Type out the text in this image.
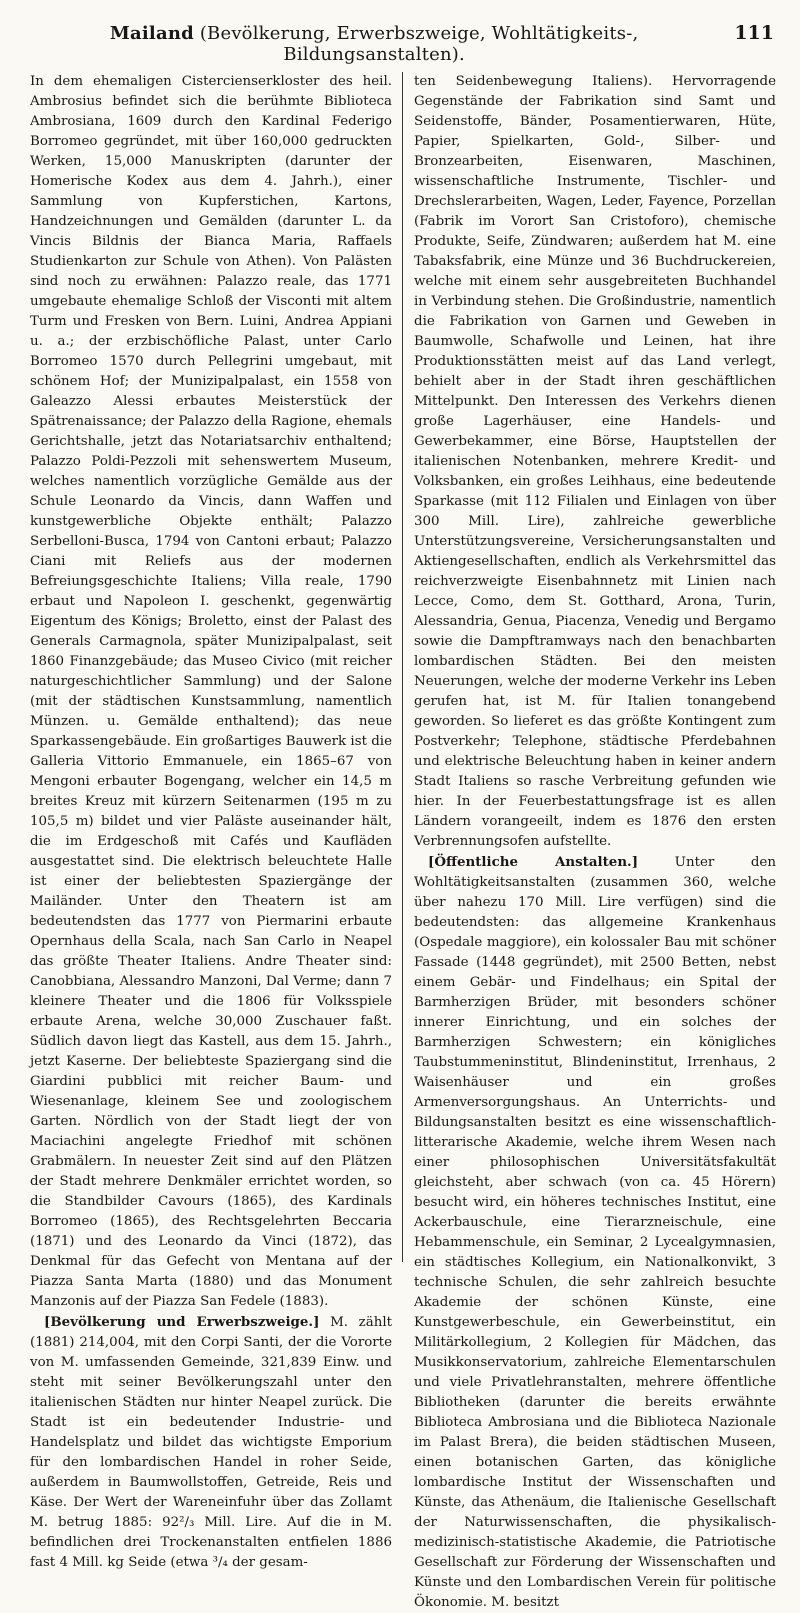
Mailand (Bevölkerung, Erwerbszweige, Wohltätigkeits-, Bildungsanstalten).
111

In dem ehemaligen Cistercienserkloster des heil. Ambrosius befindet sich die berühmte Biblioteca Ambrosiana, 1609 durch den Kardinal Federigo Borromeo gegründet, mit über 160,000 gedruckten Werken, 15,000 Manuskripten (darunter der Homerische Kodex aus dem 4. Jahrh.), einer Sammlung von Kupferstichen, Kartons, Handzeichnungen und Gemälden (darunter L. da Vincis Bildnis der Bianca Maria, Raffaels Studienkarton zur Schule von Athen). Von Palästen sind noch zu erwähnen: Palazzo reale, das 1771 umgebaute ehemalige Schloß der Visconti mit altem Turm und Fresken von Bern. Luini, Andrea Appiani u. a.; der erzbischöfliche Palast, unter Carlo Borromeo 1570 durch Pellegrini umgebaut, mit schönem Hof; der Munizipalpalast, ein 1558 von Galeazzo Alessi erbautes Meisterstück der Spätrenaissance; der Palazzo della Ragione, ehemals Gerichtshalle, jetzt das Notariatsarchiv enthaltend; Palazzo Poldi-Pezzoli mit sehenswertem Museum, welches namentlich vorzügliche Gemälde aus der Schule Leonardo da Vincis, dann Waffen und kunstgewerbliche Objekte enthält; Palazzo Serbelloni-Busca, 1794 von Cantoni erbaut; Palazzo Ciani mit Reliefs aus der modernen Befreiungsgeschichte Italiens; Villa reale, 1790 erbaut und Napoleon I. geschenkt, gegenwärtig Eigentum des Königs; Broletto, einst der Palast des Generals Carmagnola, später Munizipalpalast, seit 1860 Finanzgebäude; das Museo Civico (mit reicher naturgeschichtlicher Sammlung) und der Salone (mit der städtischen Kunstsammlung, namentlich Münzen. u. Gemälde enthaltend); das neue Sparkassengebäude. Ein großartiges Bauwerk ist die Galleria Vittorio Emmanuele, ein 1865–67 von Mengoni erbauter Bogengang, welcher ein 14,5 m breites Kreuz mit kürzern Seitenarmen (195 m zu 105,5 m) bildet und vier Paläste auseinander hält, die im Erdgeschoß mit Cafés und Kaufläden ausgestattet sind. Die elektrisch beleuchtete Halle ist einer der beliebtesten Spaziergänge der Mailänder. Unter den Theatern ist am bedeutendsten das 1777 von Piermarini erbaute Opernhaus della Scala, nach San Carlo in Neapel das größte Theater Italiens. Andre Theater sind: Canobbiana, Alessandro Manzoni, Dal Verme; dann 7 kleinere Theater und die 1806 für Volksspiele erbaute Arena, welche 30,000 Zuschauer faßt. Südlich davon liegt das Kastell, aus dem 15. Jahrh., jetzt Kaserne. Der beliebteste Spaziergang sind die Giardini pubblici mit reicher Baum- und Wiesenanlage, kleinem See und zoologischem Garten. Nördlich von der Stadt liegt der von Maciachini angelegte Friedhof mit schönen Grabmälern. In neuester Zeit sind auf den Plätzen der Stadt mehrere Denkmäler errichtet worden, so die Standbilder Cavours (1865), des Kardinals Borromeo (1865), des Rechtsgelehrten Beccaria (1871) und des Leonardo da Vinci (1872), das Denkmal für das Gefecht von Mentana auf der Piazza Santa Marta (1880) und das Monument Manzonis auf der Piazza San Fedele (1883).

[Bevölkerung und Erwerbszweige.] M. zählt (1881) 214,004, mit den Corpi Santi, der die Vororte von M. umfassenden Gemeinde, 321,839 Einw. und steht mit seiner Bevölkerungszahl unter den italienischen Städten nur hinter Neapel zurück. Die Stadt ist ein bedeutender Industrie- und Handelsplatz und bildet das wichtigste Emporium für den lombardischen Handel in roher Seide, außerdem in Baumwollstoffen, Getreide, Reis und Käse. Der Wert der Wareneinfuhr über das Zollamt M. betrug 1885: 92²/₃ Mill. Lire. Auf die in M. befindlichen drei Trockenanstalten entfielen 1886 fast 4 Mill. kg Seide (etwa ³/₄ der gesam-

ten Seidenbewegung Italiens). Hervorragende Gegenstände der Fabrikation sind Samt und Seidenstoffe, Bänder, Posamentierwaren, Hüte, Papier, Spielkarten, Gold-, Silber- und Bronzearbeiten, Eisenwaren, Maschinen, wissenschaftliche Instrumente, Tischler- und Drechslerarbeiten, Wagen, Leder, Fayence, Porzellan (Fabrik im Vorort San Cristoforo), chemische Produkte, Seife, Zündwaren; außerdem hat M. eine Tabaksfabrik, eine Münze und 36 Buchdruckereien, welche mit einem sehr ausgebreiteten Buchhandel in Verbindung stehen. Die Großindustrie, namentlich die Fabrikation von Garnen und Geweben in Baumwolle, Schafwolle und Leinen, hat ihre Produktionsstätten meist auf das Land verlegt, behielt aber in der Stadt ihren geschäftlichen Mittelpunkt. Den Interessen des Verkehrs dienen große Lagerhäuser, eine Handels- und Gewerbekammer, eine Börse, Hauptstellen der italienischen Notenbanken, mehrere Kredit- und Volksbanken, ein großes Leihhaus, eine bedeutende Sparkasse (mit 112 Filialen und Einlagen von über 300 Mill. Lire), zahlreiche gewerbliche Unterstützungsvereine, Versicherungsanstalten und Aktiengesellschaften, endlich als Verkehrsmittel das reichverzweigte Eisenbahnnetz mit Linien nach Lecce, Como, dem St. Gotthard, Arona, Turin, Alessandria, Genua, Piacenza, Venedig und Bergamo sowie die Dampftramways nach den benachbarten lombardischen Städten. Bei den meisten Neuerungen, welche der moderne Verkehr ins Leben gerufen hat, ist M. für Italien tonangebend geworden. So lieferet es das größte Kontingent zum Postverkehr; Telephone, städtische Pferdebahnen und elektrische Beleuchtung haben in keiner andern Stadt Italiens so rasche Verbreitung gefunden wie hier. In der Feuerbestattungsfrage ist es allen Ländern vorangeeilt, indem es 1876 den ersten Verbrennungsofen aufstellte.

[Öffentliche Anstalten.]	Unter den Wohltätigkeitsanstalten (zusammen 360, welche über nahezu 170 Mill. Lire verfügen) sind die bedeutendsten: das allgemeine Krankenhaus (Ospedale maggiore), ein kolossaler Bau mit schöner Fassade (1448 gegründet), mit 2500 Betten, nebst einem Gebär- und Findelhaus; ein Spital der Barmherzigen Brüder, mit besonders schöner innerer Einrichtung, und ein solches der Barmherzigen Schwestern; ein königliches Taubstummeninstitut, Blindeninstitut, Irrenhaus, 2 Waisenhäuser und ein großes Armenversorgungshaus. An Unterrichts- und Bildungsanstalten besitzt es eine wissenschaftlich-litterarische Akademie, welche ihrem Wesen nach einer philosophischen Universitätsfakultät gleichsteht, aber schwach (von ca. 45 Hörern) besucht wird, ein höheres technisches Institut, eine Ackerbauschule, eine Tierarzneischule, eine Hebammenschule, ein Seminar, 2 Lycealgymnasien, ein städtisches Kollegium, ein Nationalkonvikt, 3 technische Schulen, die sehr zahlreich besuchte Akademie der schönen Künste, eine Kunstgewerbeschule, ein Gewerbeinstitut, ein Militärkollegium, 2 Kollegien für Mädchen, das Musikkonservatorium, zahlreiche Elementarschulen und viele Privatlehranstalten, mehrere öffentliche Bibliotheken (darunter die bereits erwähnte Biblioteca Ambrosiana und die Biblioteca Nazionale im Palast Brera), die beiden städtischen Museen, einen botanischen Garten, das königliche lombardische Institut der Wissenschaften und Künste, das Athenäum, die Italienische Gesellschaft der Naturwissenschaften, die physikalisch-medizinisch-statistische Akademie, die Patriotische Gesellschaft zur Förderung der Wissenschaften und Künste und den Lombardischen Verein für politische Ökonomie. M. besitzt
